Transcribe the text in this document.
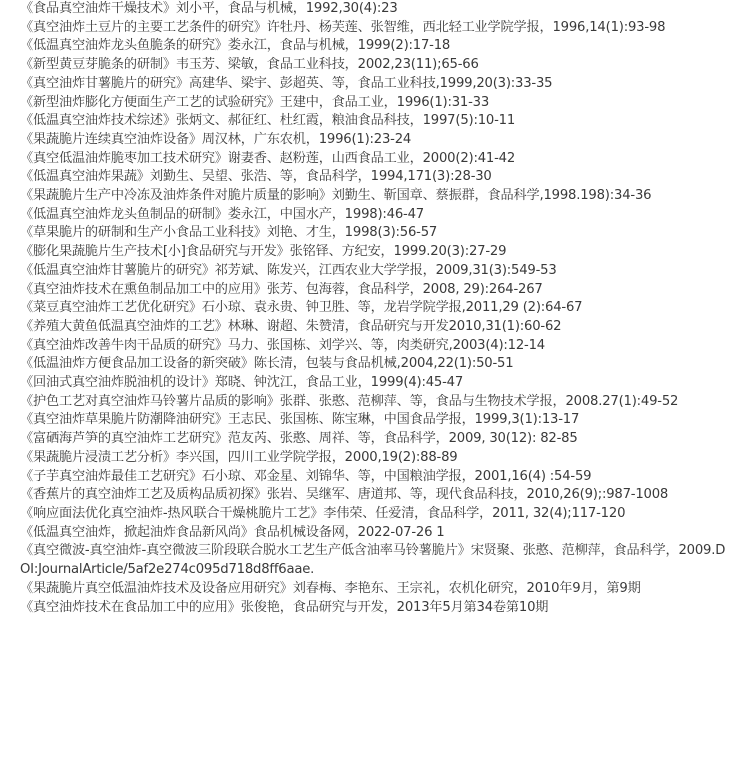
《食品真空油炸干燥技术》刘小平，食品与机械，1992,30(4):23
《真空油炸土豆片的主要工艺条件的研究》许牡丹、杨芙莲、张智维，西北轻工业学院学报，1996,14(1):93-98
《低温真空油炸龙头鱼脆条的研究》娄永江，食品与机械，1999(2):17-18
《新型黄豆芽脆条的研制》韦玉芳、梁敏，食品工业科技，2002,23(11);65-66
《真空油炸甘薯脆片的研究》高建华、梁宇、彭超英、等，食品工业科技,1999,20(3):33-35
《新型油炸膨化方便面生产工艺的试验研究》王建中，食品工业，1996(1):31-33
《低温真空油炸技术综述》张炳文、郝征红、杜红霞，粮油食品科技，1997(5):10-11
《果蔬脆片连续真空油炸设备》周汉林，广东农机，1996(1):23-24
《真空低温油炸脆枣加工技术研究》谢妻香、赵粉莲，山西食品工业，2000(2):41-42
《低温真空油炸果蔬》刘勤生、吴望、张浩、等，食品科学，1994,171(3):28-30
《果蔬脆片生产中冷冻及油炸条件对脆片质量的影响》刘勤生、靳国章、蔡振群，食品科学,1998.198):34-36
《低温真空油炸龙头鱼制品的研制》娄永江，中国水产，1998):46-47
《草果脆片的研制和生产小食品工业科技》刘艳、才生，1998(3):56-57
《膨化果蔬脆片生产技术[小]食品研究与开发》张铭铎、方纪安，1999.20(3):27-29
《低温真空油炸甘薯脆片的研究》祁芳斌、陈发兴，江西农业大学学报，2009,31(3):549-53
《真空油炸技术在熏鱼制品加工中的应用》张芳、包海蓉，食品科学，2008, 29):264-267
《菜豆真空油炸工艺优化研究》石小琼、袁永贵、钟卫胜、等，龙岩学院学报,2011,29 (2):64-67
《养殖大黄鱼低温真空油炸的工艺》林琳、谢超、朱赞清，食品研究与开发2010,31(1):60-62
《真空油炸改善牛肉干品质的研究》马力、张国栋、刘学兴、等，肉类研究,2003(4):12-14
《低温油炸方便食品加工设备的新突破》陈长清，包装与食品机械,2004,22(1):50-51
《回油式真空油炸脱油机的设计》郑晓、钟沈江，食品工业，1999(4):45-47
《护色工艺对真空油炸马铃薯片品质的影响》张群、张憨、范柳萍、等，食品与生物技术学报，2008.27(1):49-52
《真空油炸草果脆片防潮降油研究》王志民、张国栋、陈宝琳，中国食品学报，1999,3(1):13-17
《富硒海芦笋的真空油炸工艺研究》范友芮、张憨、周祥、等，食品科学，2009, 30(12): 82-85
《果蔬脆片浸渍工艺分析》李兴国，四川工业学院学报，2000,19(2):88-89
《子芋真空油炸最佳工艺研究》石小琼、邓金星、刘锦华、等，中国粮油学报，2001,16(4) :54-59
《香蕉片的真空油炸工艺及质构品质初探》张岩、吴继军、唐道邦、等，现代食品科技，2010,26(9);:987-1008
《响应面法优化真空油炸-热风联合干燥桃脆片工艺》李伟荣、任爱清，食品科学，2011, 32(4);117-120
《低温真空油炸，掀起油炸食品新风尚》食品机械设备网，2022-07-26 1
《真空微波-真空油炸-真空微波三阶段联合脱水工艺生产低含油率马铃薯脆片》宋贤聚、张憨、范柳萍，食品科学，2009.DOI:JournalArticle/5af2e274c095d718d8ff6aae.
《果蔬脆片真空低温油炸技术及设备应用研究》刘春梅、李艳东、王宗礼，农机化研究，2010年9月，第9期
《真空油炸技术在食品加工中的应用》张俊艳，食品研究与开发，2013年5月第34卷第10期
